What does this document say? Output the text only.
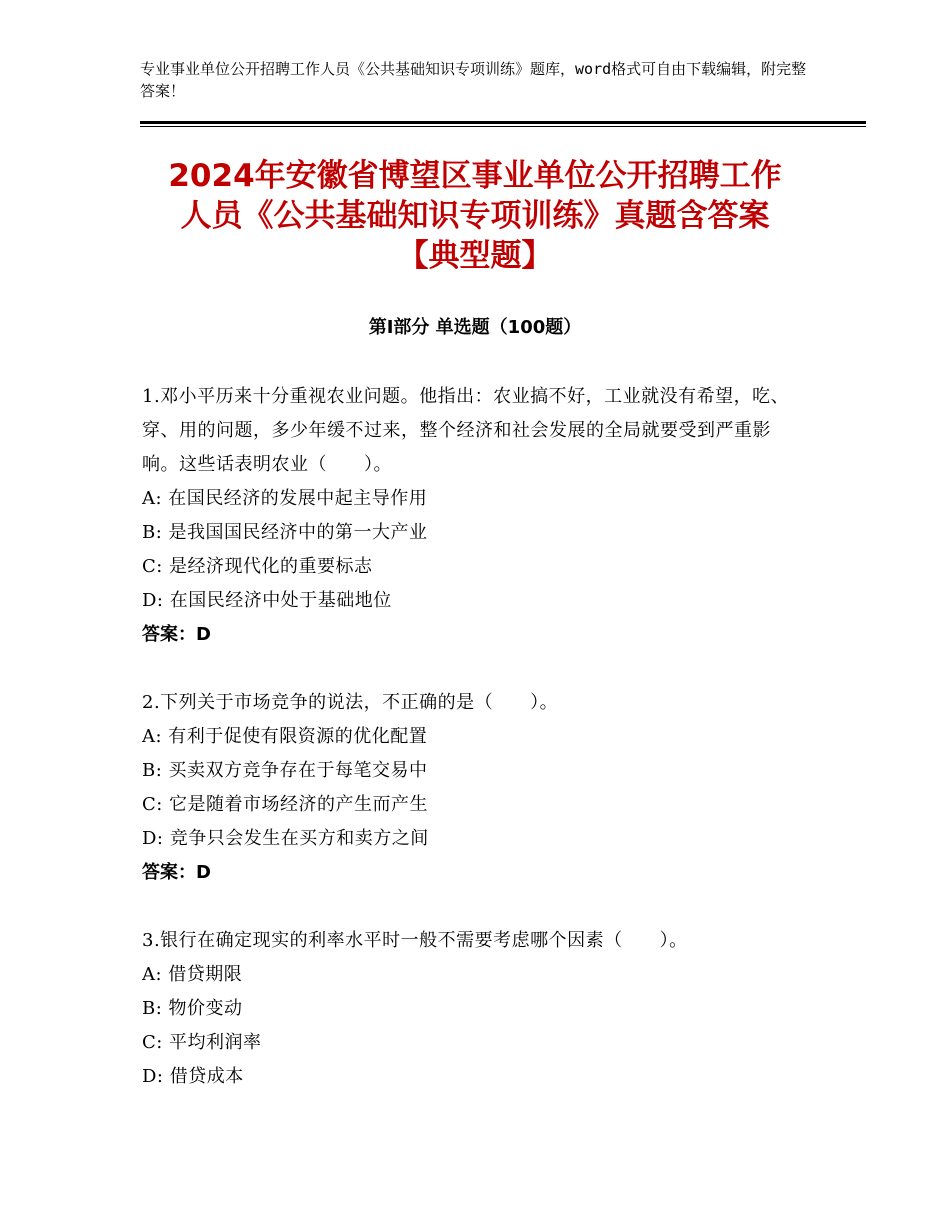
专业事业单位公开招聘工作人员《公共基础知识专项训练》题库，word格式可自由下载编辑，附完整答案！
2024年安徽省博望区事业单位公开招聘工作
人员《公共基础知识专项训练》真题含答案
【典型题】
第Ⅰ部分 单选题（100题）

1.邓小平历来十分重视农业问题。他指出：农业搞不好，工业就没有希望，吃、穿、用的问题，多少年缓不过来，整个经济和社会发展的全局就要受到严重影响。这些话表明农业（　　）。

A: 在国民经济的发展中起主导作用
B: 是我国国民经济中的第一大产业
C: 是经济现代化的重要标志
D: 在国民经济中处于基础地位

答案：D

2.下列关于市场竞争的说法，不正确的是（　　）。

A: 有利于促使有限资源的优化配置
B: 买卖双方竞争存在于每笔交易中
C: 它是随着市场经济的产生而产生
D: 竞争只会发生在买方和卖方之间

答案：D

3.银行在确定现实的利率水平时一般不需要考虑哪个因素（　　）。

A: 借贷期限
B: 物价变动
C: 平均利润率
D: 借贷成本
